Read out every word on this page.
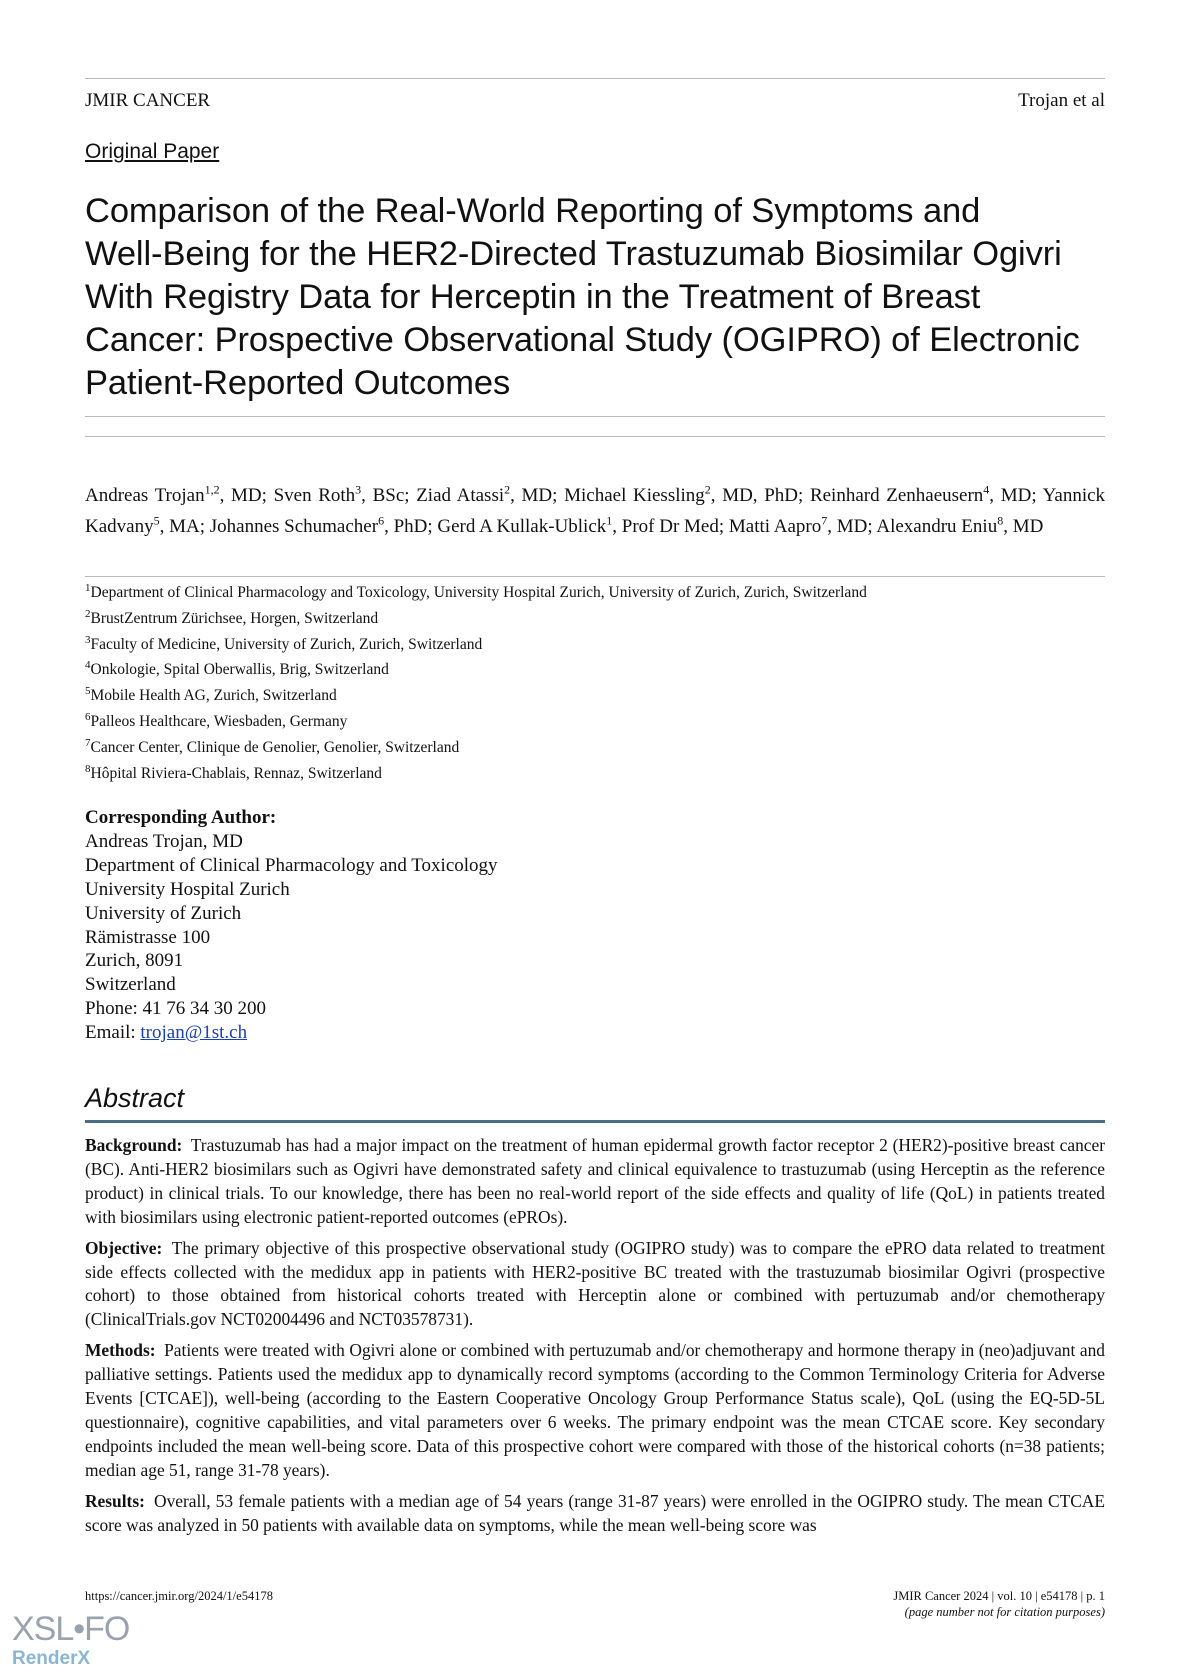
JMIR CANCER	Trojan et al
Original Paper
Comparison of the Real-World Reporting of Symptoms and
Well-Being for the HER2-Directed Trastuzumab Biosimilar Ogivri
With Registry Data for Herceptin in the Treatment of Breast
Cancer: Prospective Observational Study (OGIPRO) of Electronic
Patient-Reported Outcomes
Andreas Trojan$^{1,2}$, MD; Sven Roth$^3$, BSc; Ziad Atassi$^2$, MD; Michael Kiessling$^2$, MD, PhD; Reinhard Zenhaeusern$^4$, MD; Yannick Kadvany$^5$, MA; Johannes Schumacher$^6$, PhD; Gerd A Kullak-Ublick$^1$, Prof Dr Med; Matti Aapro$^7$, MD; Alexandru Eniu$^8$, MD
$^1$Department of Clinical Pharmacology and Toxicology, University Hospital Zurich, University of Zurich, Zurich, Switzerland
$^2$BrustZentrum Zürichsee, Horgen, Switzerland
$^3$Faculty of Medicine, University of Zurich, Zurich, Switzerland
$^4$Onkologie, Spital Oberwallis, Brig, Switzerland
$^5$Mobile Health AG, Zurich, Switzerland
$^6$Palleos Healthcare, Wiesbaden, Germany
$^7$Cancer Center, Clinique de Genolier, Genolier, Switzerland
$^8$Hôpital Riviera-Chablais, Rennaz, Switzerland
Corresponding Author:
Andreas Trojan, MD
Department of Clinical Pharmacology and Toxicology
University Hospital Zurich
University of Zurich
Rämistrasse 100
Zurich, 8091
Switzerland
Phone: 41 76 34 30 200
Email: trojan@1st.ch
Abstract

Background: Trastuzumab has had a major impact on the treatment of human epidermal growth factor receptor 2 (HER2)-positive breast cancer (BC). Anti-HER2 biosimilars such as Ogivri have demonstrated safety and clinical equivalence to trastuzumab (using Herceptin as the reference product) in clinical trials. To our knowledge, there has been no real-world report of the side effects and quality of life (QoL) in patients treated with biosimilars using electronic patient-reported outcomes (ePROs).

Objective: The primary objective of this prospective observational study (OGIPRO study) was to compare the ePRO data related to treatment side effects collected with the medidux app in patients with HER2-positive BC treated with the trastuzumab biosimilar Ogivri (prospective cohort) to those obtained from historical cohorts treated with Herceptin alone or combined with pertuzumab and/or chemotherapy (ClinicalTrials.gov NCT02004496 and NCT03578731).

Methods: Patients were treated with Ogivri alone or combined with pertuzumab and/or chemotherapy and hormone therapy in (neo)adjuvant and palliative settings. Patients used the medidux app to dynamically record symptoms (according to the Common Terminology Criteria for Adverse Events [CTCAE]), well-being (according to the Eastern Cooperative Oncology Group Performance Status scale), QoL (using the EQ-5D-5L questionnaire), cognitive capabilities, and vital parameters over 6 weeks. The primary endpoint was the mean CTCAE score. Key secondary endpoints included the mean well-being score. Data of this prospective cohort were compared with those of the historical cohorts (n=38 patients; median age 51, range 31-78 years).

Results: Overall, 53 female patients with a median age of 54 years (range 31-87 years) were enrolled in the OGIPRO study. The mean CTCAE score was analyzed in 50 patients with available data on symptoms, while the mean well-being score was

https://cancer.jmir.org/2024/1/e54178	JMIR Cancer 2024 | vol. 10 | e54178 | p. 1
(page number not for citation purposes)
XSL•FO
RenderX
